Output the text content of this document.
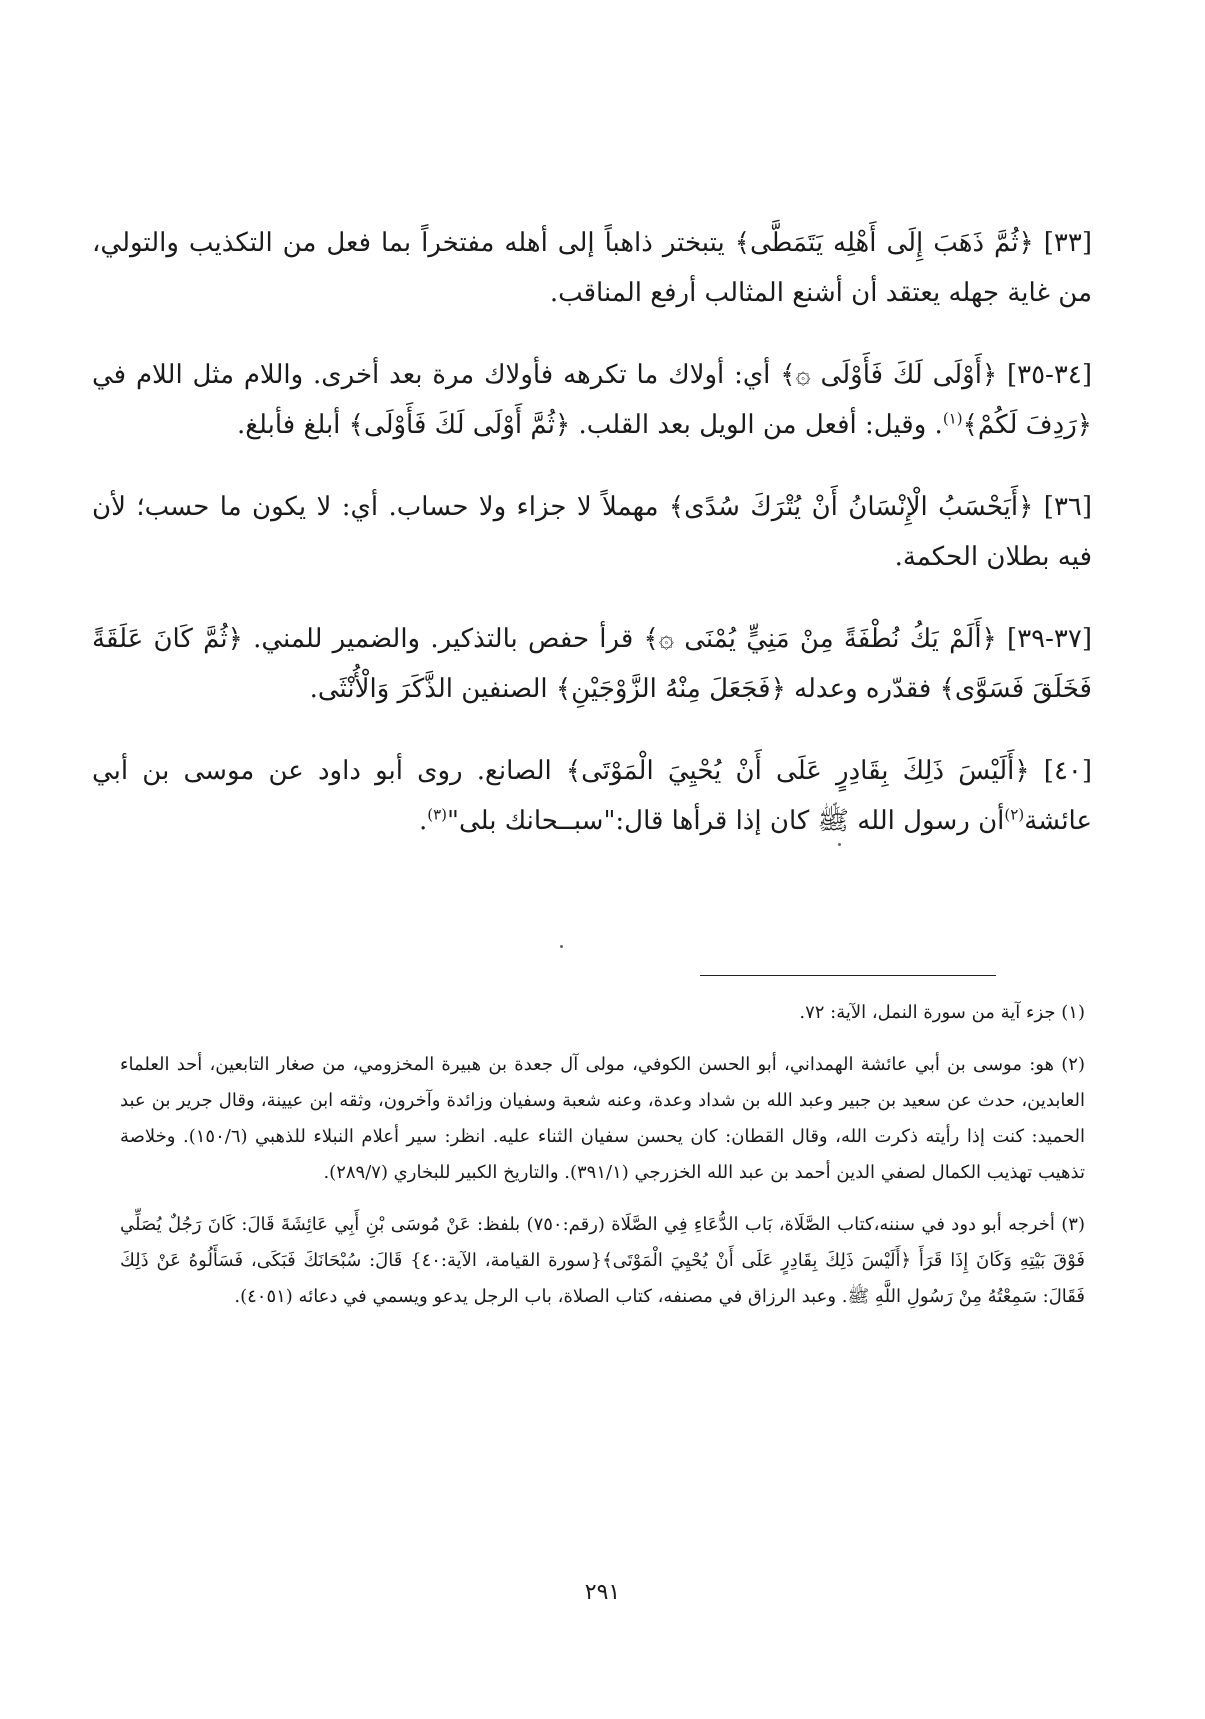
[٣٣] ﴿ثُمَّ ذَهَبَ إِلَى أَهْلِه يَتَمَطَّى﴾ يتبختر ذاهباً إلى أهله مفتخراً بما فعل من التكذيب والتولي، من غاية جهله يعتقد أن أشنع المثالب أرفع المناقب.

[٣٤-٣٥] ﴿أَوْلَى لَكَ فَأَوْلَى ۞﴾ أي: أولاك ما تكرهه فأولاك مرة بعد أخرى. واللام مثل اللام في ﴿رَدِفَ لَكُمْ﴾$^{(١)}$. وقيل: أفعل من الويل بعد القلب. ﴿ثُمَّ أَوْلَى لَكَ فَأَوْلَى﴾ أبلغ فأبلغ.

[٣٦] ﴿أَيَحْسَبُ الْإِنْسَانُ أَنْ يُتْرَكَ سُدًى﴾ مهملاً لا جزاء ولا حساب. أي: لا يكون ما حسب؛ لأن فيه بطلان الحكمة.

[٣٧-٣٩] ﴿أَلَمْ يَكُ نُطْفَةً مِنْ مَنِيٍّ يُمْنَى ۞﴾ قرأ حفص بالتذكير. والضمير للمني. ﴿ثُمَّ كَانَ عَلَقَةً فَخَلَقَ فَسَوَّى﴾ فقدّره وعدله ﴿فَجَعَلَ مِنْهُ الزَّوْجَيْنِ﴾ الصنفين الذَّكَرَ وَالْأُنْثَى.

[٤٠] ﴿أَلَيْسَ ذَلِكَ بِقَادِرٍ عَلَى أَنْ يُحْيِيَ الْمَوْتَى﴾ الصانع. روى أبو داود عن موسى بن أبي عائشة$^{(٢)}$أن رسول الله ﷺ كان إذا قرأها قال:"سبــحانك بلى"$^{(٣)}$.

(١) جزء آية من سورة النمل، الآية: ٧٢.

(٢) هو: موسى بن أبي عائشة الهمداني، أبو الحسن الكوفي، مولى آل جعدة بن هبيرة المخزومي، من صغار التابعين، أحد العلماء العابدين، حدث عن سعيد بن جبير وعبد الله بن شداد وعدة، وعنه شعبة وسفيان وزائدة وآخرون، وثقه ابن عيينة، وقال جرير بن عبد الحميد: كنت إذا رأيته ذكرت الله، وقال القطان: كان يحسن سفيان الثناء عليه. انظر: سير أعلام النبلاء للذهبي (١٥٠/٦). وخلاصة تذهيب تهذيب الكمال لصفي الدين أحمد بن عبد الله الخزرجي (٣٩١/١). والتاريخ الكبير للبخاري (٢٨٩/٧).

(٣) أخرجه أبو دود في سننه،كتاب الصَّلَاة، بَاب الدُّعَاءِ فِي الصَّلَاة (رقم:٧٥٠) بلفظ: عَنْ مُوسَى بْنِ أَبِي عَائِشَةَ قَالَ: كَانَ رَجُلٌ يُصَلِّي فَوْقَ بَيْتِهِ وَكَانَ إِذَا قَرَأَ ﴿أَلَيْسَ ذَلِكَ بِقَادِرٍ عَلَى أَنْ يُحْيِيَ الْمَوْتَى﴾{سورة القيامة، الآية:٤٠} قَالَ: سُبْحَانَكَ فَبَكَى، فَسَأَلُوهُ عَنْ ذَلِكَ فَقَالَ: سَمِعْتُهُ مِنْ رَسُولِ اللَّهِ ﷺ. وعبد الرزاق في مصنفه، كتاب الصلاة، باب الرجل يدعو ويسمي في دعائه (٤٠٥١).

٢٩١
